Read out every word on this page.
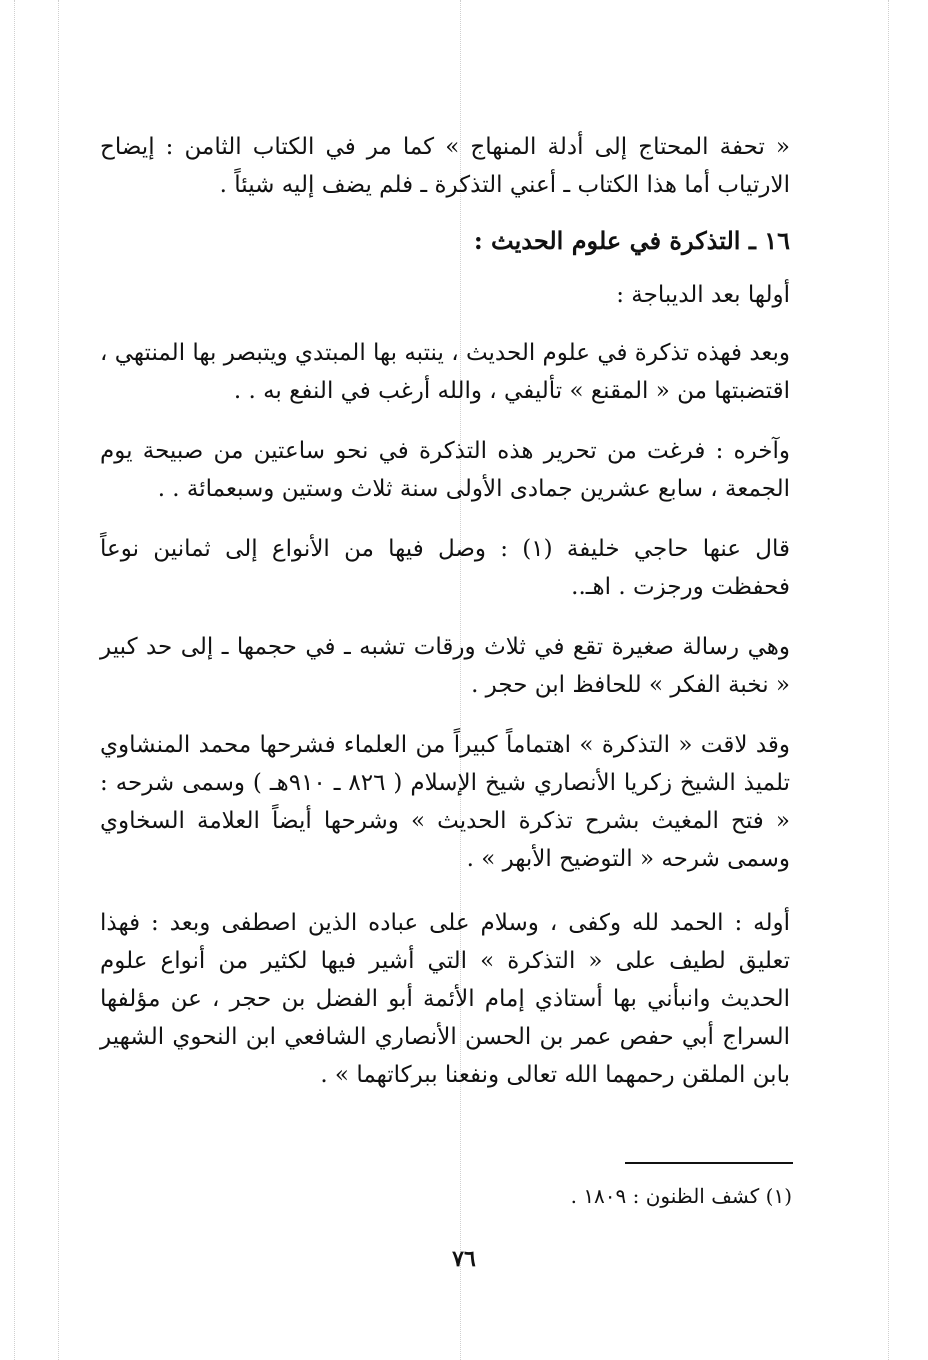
« تحفة المحتاج إلى أدلة المنهاج » كما مر في الكتاب الثامن : إيضاح الارتياب أما هذا الكتاب ـ أعني التذكرة ـ فلم يضف إليه شيئاً .

١٦ ـ التذكرة في علوم الحديث :

أولها بعد الديباجة :

وبعد فهذه تذكرة في علوم الحديث ، ينتبه بها المبتدي ويتبصر بها المنتهي ، اقتضبتها من « المقنع » تأليفي ، والله أرغب في النفع به . .

وآخره : فرغت من تحرير هذه التذكرة في نحو ساعتين من صبيحة يوم الجمعة ، سابع عشرين جمادى الأولى سنة ثلاث وستين وسبعمائة . .

قال عنها حاجي خليفة (١) : وصل فيها من الأنواع إلى ثمانين نوعاً فحفظت ورجزت . اهـ..

وهي رسالة صغيرة تقع في ثلاث ورقات تشبه ـ في حجمها ـ إلى حد كبير « نخبة الفكر » للحافظ ابن حجر .

وقد لاقت « التذكرة » اهتماماً كبيراً من العلماء فشرحها محمد المنشاوي تلميذ الشيخ زكريا الأنصاري شيخ الإسلام ( ٨٢٦ ـ ٩١٠هـ ) وسمى شرحه : « فتح المغيث بشرح تذكرة الحديث » وشرحها أيضاً العلامة السخاوي وسمى شرحه « التوضيح الأبهر » .

أوله : الحمد لله وكفى ، وسلام على عباده الذين اصطفى وبعد : فهذا تعليق لطيف على « التذكرة » التي أشير فيها لكثير من أنواع علوم الحديث وانبأني بها أستاذي إمام الأئمة أبو الفضل بن حجر ، عن مؤلفها السراج أبي حفص عمر بن الحسن الأنصاري الشافعي ابن النحوي الشهير بابن الملقن رحمهما الله تعالى ونفعنا ببركاتهما » .

(١) كشف الظنون : ١٨٠٩ .
٧٦
